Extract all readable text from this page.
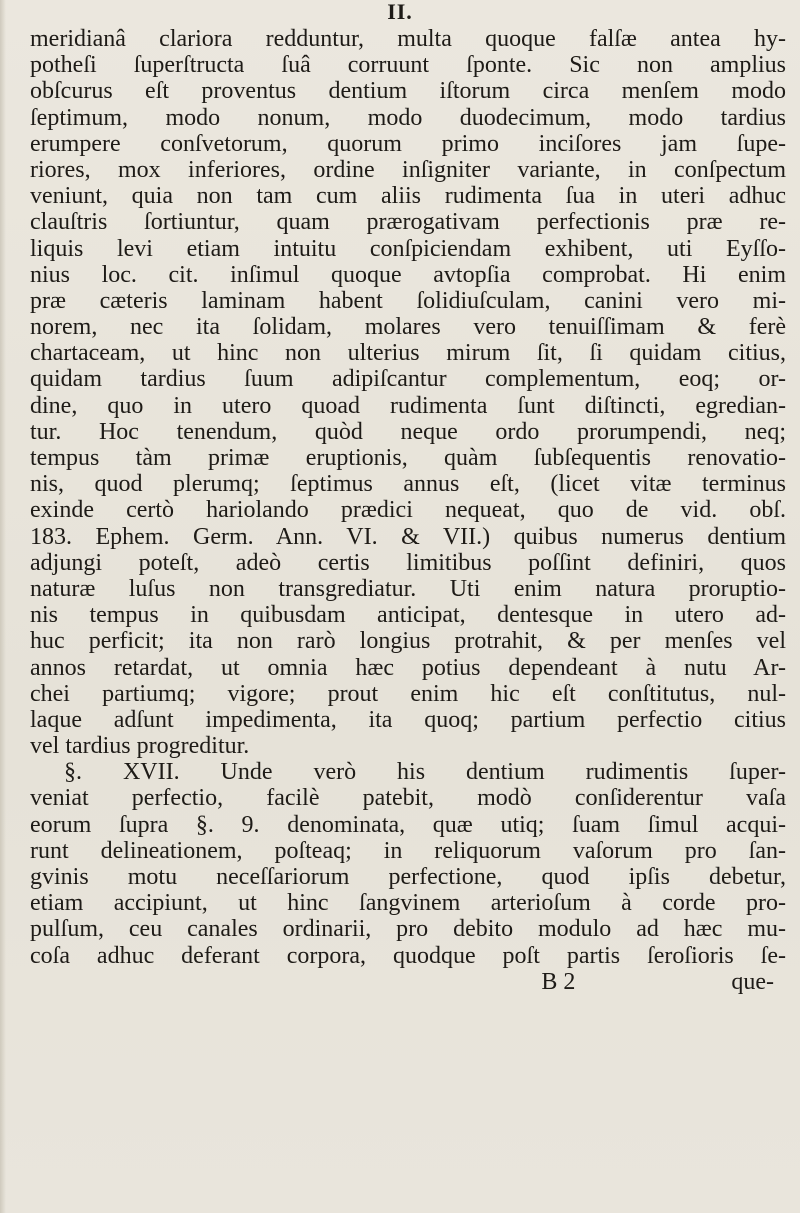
II.
meridianâ clariora redduntur, multa quoque falſæ antea hy-
potheſi ſuperſtructa ſuâ corruunt ſponte. Sic non amplius
obſcurus eſt proventus dentium iſtorum circa menſem modo
ſeptimum, modo nonum, modo duodecimum, modo tardius
erumpere conſvetorum, quorum primo inciſores jam ſupe-
riores, mox inferiores, ordine inſigniter variante, in conſpectum
veniunt, quia non tam cum aliis rudimenta ſua in uteri adhuc
clauſtris ſortiuntur, quam prærogativam perfectionis præ re-
liquis levi etiam intuitu conſpiciendam exhibent, uti Eyſſo-
nius loc. cit. inſimul quoque avtopſia comprobat. Hi enim
præ cæteris laminam habent ſolidiuſculam, canini vero mi-
norem, nec ita ſolidam, molares vero tenuiſſimam & ferè
chartaceam, ut hinc non ulterius mirum ſit, ſi quidam citius,
quidam tardius ſuum adipiſcantur complementum, eoq; or-
dine, quo in utero quoad rudimenta ſunt diſtincti, egredian-
tur. Hoc tenendum, quòd neque ordo prorumpendi, neq;
tempus tàm primæ eruptionis, quàm ſubſequentis renovatio-
nis, quod plerumq; ſeptimus annus eſt, (licet vitæ terminus
exinde certò hariolando prædici nequeat, quo de vid. obſ.
183. Ephem. Germ. Ann. VI. & VII.) quibus numerus dentium
adjungi poteſt, adeò certis limitibus poſſint definiri, quos
naturæ luſus non transgrediatur. Uti enim natura proruptio-
nis tempus in quibusdam anticipat, dentesque in utero ad-
huc perficit; ita non rarò longius protrahit, & per menſes vel
annos retardat, ut omnia hæc potius dependeant à nutu Ar-
chei partiumq; vigore; prout enim hic eſt conſtitutus, nul-
laque adſunt impedimenta, ita quoq; partium perfectio citius
vel tardius progreditur.
§. XVII. Unde verò his dentium rudimentis ſuper-
veniat perfectio, facilè patebit, modò conſiderentur vaſa
eorum ſupra §. 9. denominata, quæ utiq; ſuam ſimul acqui-
runt delineationem, poſteaq; in reliquorum vaſorum pro ſan-
gvinis motu neceſſariorum perfectione, quod ipſis debetur,
etiam accipiunt, ut hinc ſangvinem arterioſum à corde pro-
pulſum, ceu canales ordinarii, pro debito modulo ad hæc mu-
coſa adhuc deferant corpora, quodque poſt partis ſeroſioris ſe-
B 2	que-
